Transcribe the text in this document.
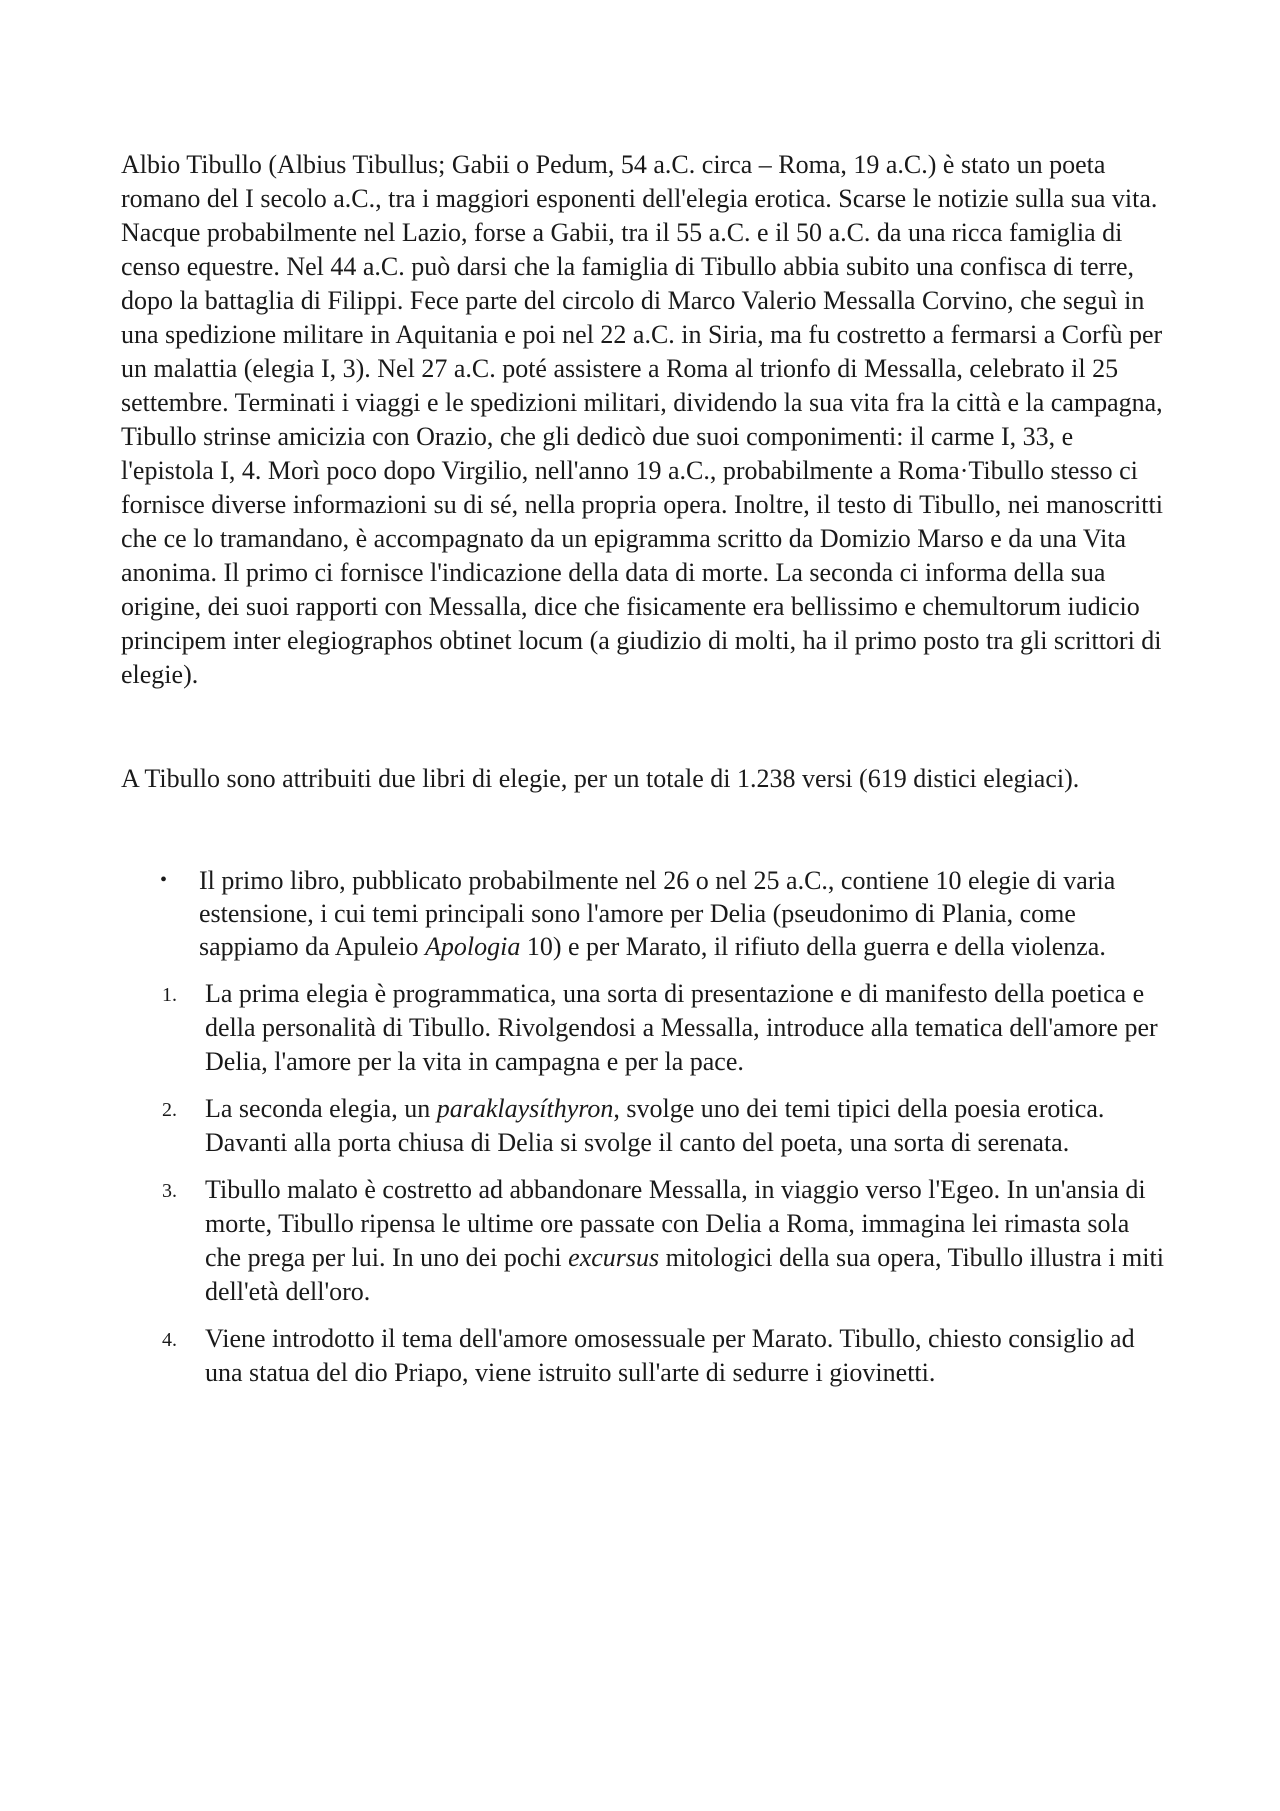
Albio Tibullo (Albius Tibullus; Gabii o Pedum, 54 a.C. circa – Roma, 19 a.C.) è stato un poeta romano del I secolo a.C., tra i maggiori esponenti dell'elegia erotica. Scarse le notizie sulla sua vita. Nacque probabilmente nel Lazio, forse a Gabii, tra il 55 a.C. e il 50 a.C. da una ricca famiglia di censo equestre. Nel 44 a.C. può darsi che la famiglia di Tibullo abbia subito una confisca di terre, dopo la battaglia di Filippi. Fece parte del circolo di Marco Valerio Messalla Corvino, che seguì in una spedizione militare in Aquitania e poi nel 22 a.C. in Siria, ma fu costretto a fermarsi a Corfù per un malattia (elegia I, 3). Nel 27 a.C. poté assistere a Roma al trionfo di Messalla, celebrato il 25 settembre. Terminati i viaggi e le spedizioni militari, dividendo la sua vita fra la città e la campagna, Tibullo strinse amicizia con Orazio, che gli dedicò due suoi componimenti: il carme I, 33, e l'epistola I, 4. Morì poco dopo Virgilio, nell'anno 19 a.C., probabilmente a Roma·Tibullo stesso ci fornisce diverse informazioni su di sé, nella propria opera. Inoltre, il testo di Tibullo, nei manoscritti che ce lo tramandano, è accompagnato da un epigramma scritto da Domizio Marso e da una Vita anonima. Il primo ci fornisce l'indicazione della data di morte. La seconda ci informa della sua origine, dei suoi rapporti con Messalla, dice che fisicamente era bellissimo e chemultorum iudicio principem inter elegiographos obtinet locum (a giudizio di molti, ha il primo posto tra gli scrittori di elegie).

A Tibullo sono attribuiti due libri di elegie, per un totale di 1.238 versi (619 distici elegiaci).

• Il primo libro, pubblicato probabilmente nel 26 o nel 25 a.C., contiene 10 elegie di varia estensione, i cui temi principali sono l'amore per Delia (pseudonimo di Plania, come sappiamo da Apuleio Apologia 10) e per Marato, il rifiuto della guerra e della violenza.
1. La prima elegia è programmatica, una sorta di presentazione e di manifesto della poetica e della personalità di Tibullo. Rivolgendosi a Messalla, introduce alla tematica dell'amore per Delia, l'amore per la vita in campagna e per la pace.
2. La seconda elegia, un paraklaysíthyron, svolge uno dei temi tipici della poesia erotica. Davanti alla porta chiusa di Delia si svolge il canto del poeta, una sorta di serenata.
3. Tibullo malato è costretto ad abbandonare Messalla, in viaggio verso l'Egeo. In un'ansia di morte, Tibullo ripensa le ultime ore passate con Delia a Roma, immagina lei rimasta sola che prega per lui. In uno dei pochi excursus mitologici della sua opera, Tibullo illustra i miti dell'età dell'oro.
4. Viene introdotto il tema dell'amore omosessuale per Marato. Tibullo, chiesto consiglio ad una statua del dio Priapo, viene istruito sull'arte di sedurre i giovinetti.
